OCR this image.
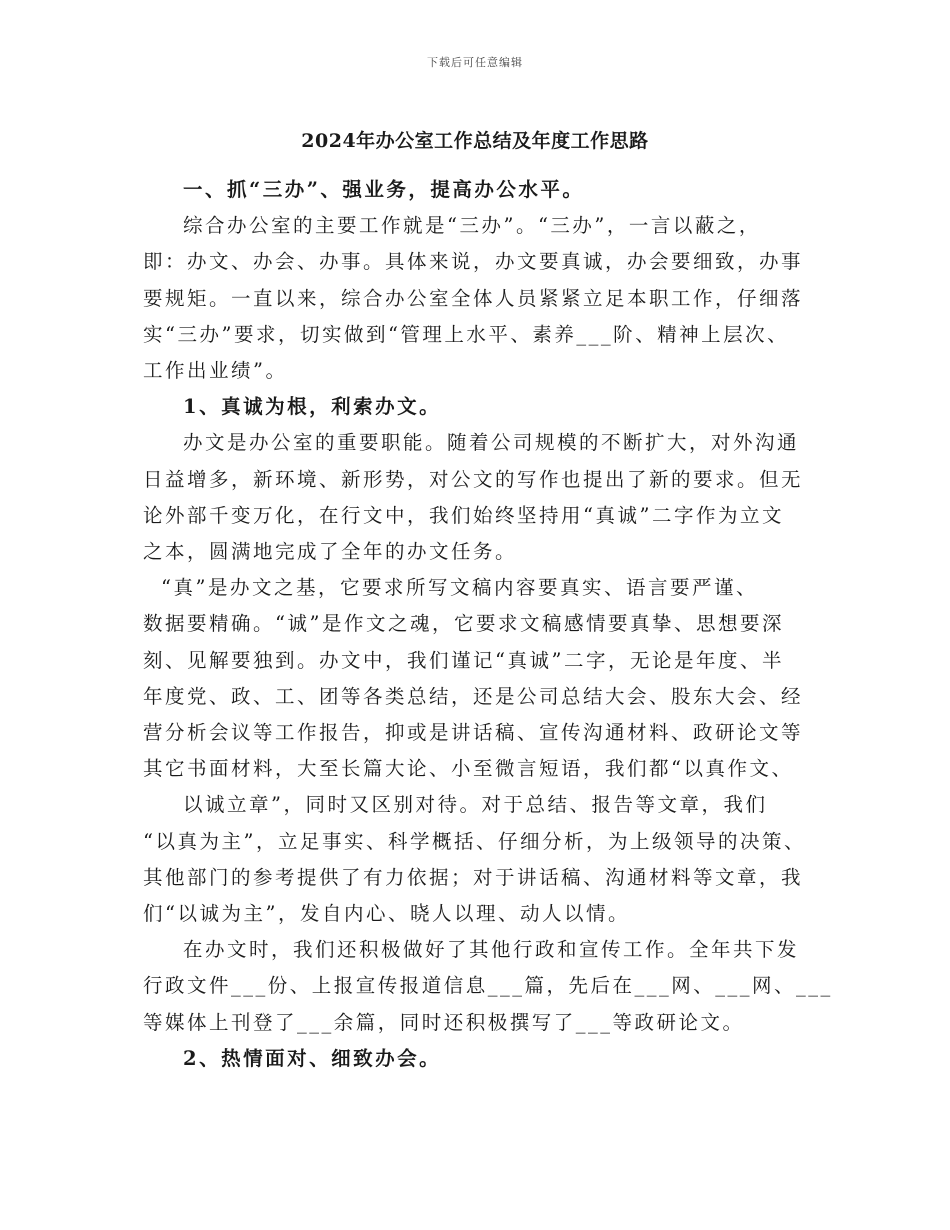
下载后可任意编辑
2024年办公室工作总结及年度工作思路

一、抓“三办”、强业务，提高办公水平。

综合办公室的主要工作就是“三办”。“三办”，一言以蔽之，
即：办文、办会、办事。具体来说，办文要真诚，办会要细致，办事
要规矩。一直以来，综合办公室全体人员紧紧立足本职工作，仔细落
实“三办”要求，切实做到“管理上水平、素养___阶、精神上层次、
工作出业绩”。

1、真诚为根，利索办文。

办文是办公室的重要职能。随着公司规模的不断扩大，对外沟通
日益增多，新环境、新形势，对公文的写作也提出了新的要求。但无
论外部千变万化，在行文中，我们始终坚持用“真诚”二字作为立文
之本，圆满地完成了全年的办文任务。

“真”是办文之基，它要求所写文稿内容要真实、语言要严谨、
数据要精确。“诚”是作文之魂，它要求文稿感情要真挚、思想要深
刻、见解要独到。办文中，我们谨记“真诚”二字，无论是年度、半
年度党、政、工、团等各类总结，还是公司总结大会、股东大会、经
营分析会议等工作报告，抑或是讲话稿、宣传沟通材料、政研论文等
其它书面材料，大至长篇大论、小至微言短语，我们都“以真作文、

以诚立章”，同时又区别对待。对于总结、报告等文章，我们
“以真为主”，立足事实、科学概括、仔细分析，为上级领导的决策、
其他部门的参考提供了有力依据；对于讲话稿、沟通材料等文章，我
们“以诚为主”，发自内心、晓人以理、动人以情。

在办文时，我们还积极做好了其他行政和宣传工作。全年共下发
行政文件___份、上报宣传报道信息___篇，先后在___网、___网、___
等媒体上刊登了___余篇，同时还积极撰写了___等政研论文。

2、热情面对、细致办会。
